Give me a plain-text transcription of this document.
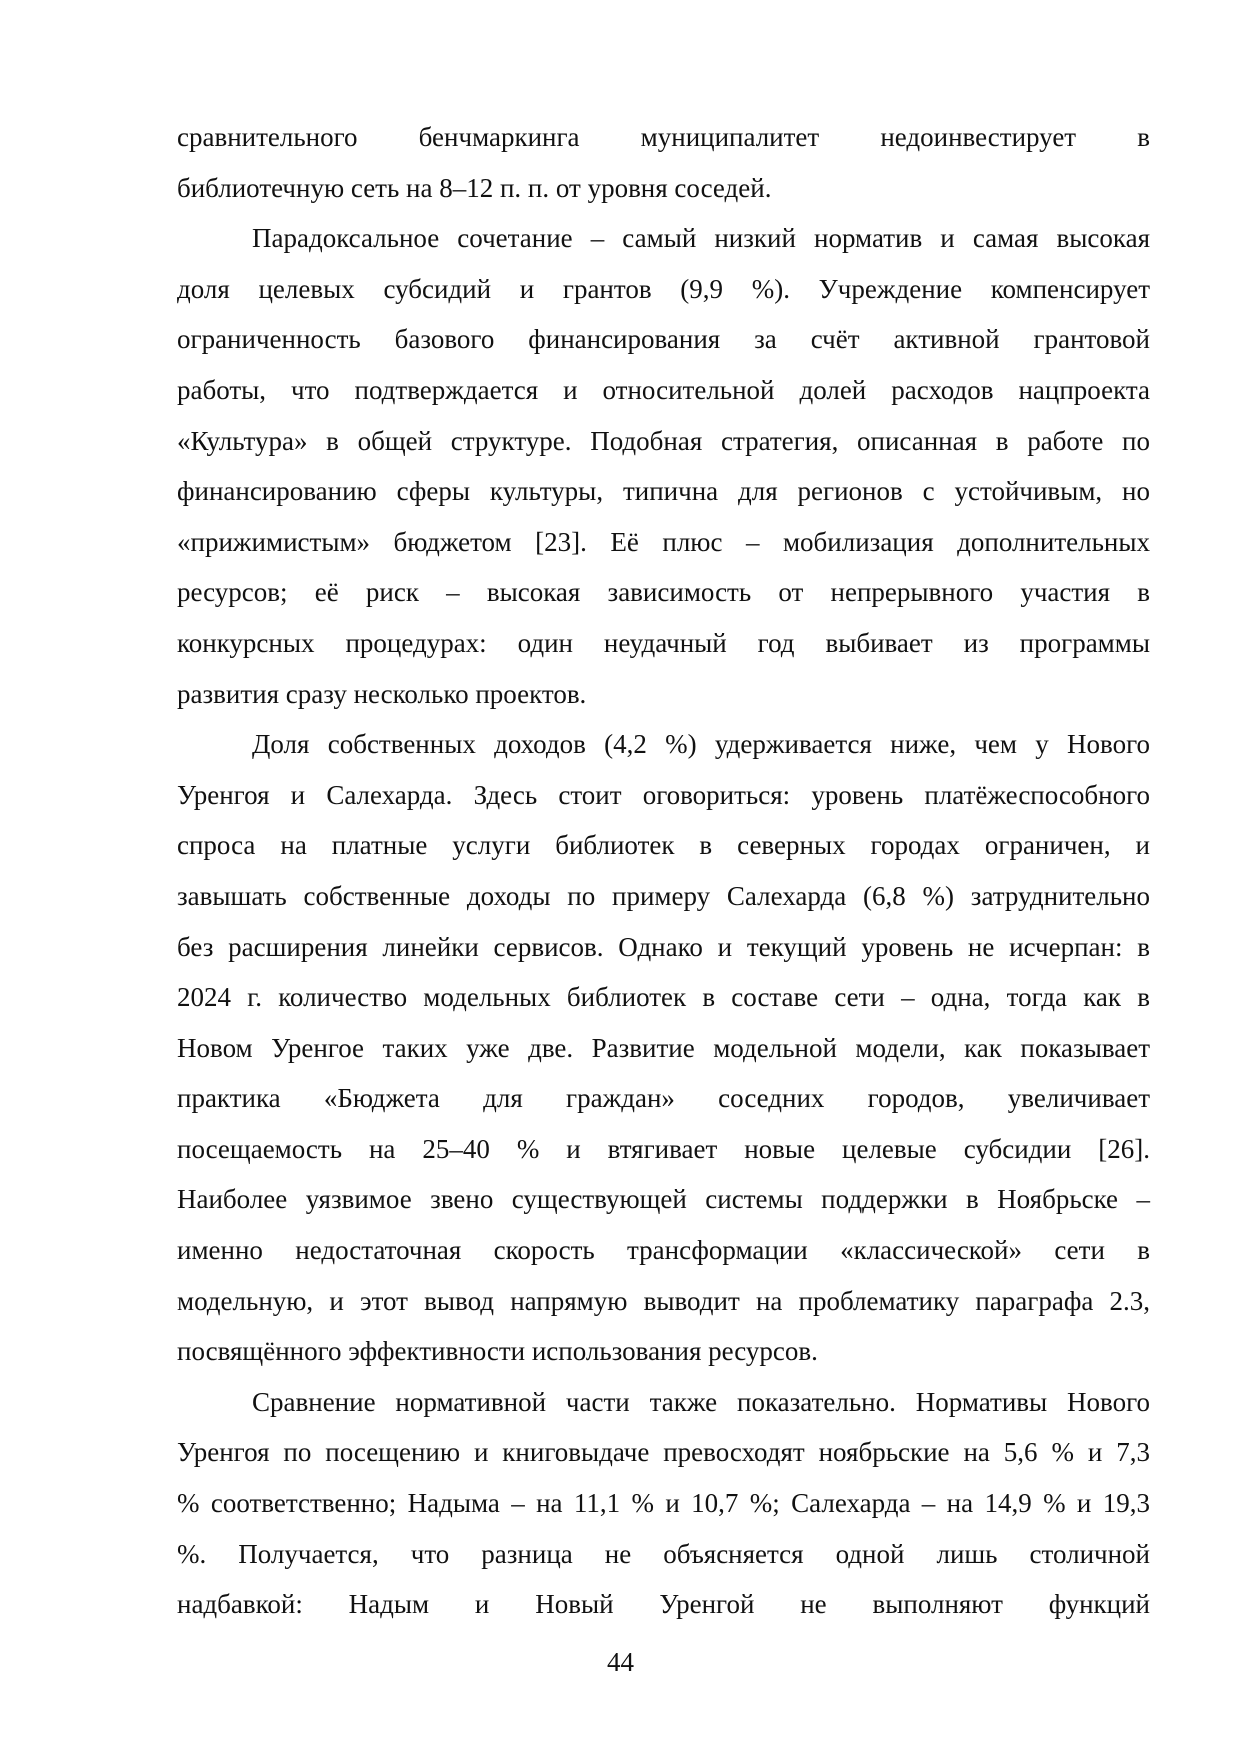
сравнительного бенчмаркинга муниципалитет недоинвестирует в
библиотечную сеть на 8–12 п. п. от уровня соседей.
Парадоксальное сочетание – самый низкий норматив и самая высокая
доля целевых субсидий и грантов (9,9 %). Учреждение компенсирует
ограниченность базового финансирования за счёт активной грантовой
работы, что подтверждается и относительной долей расходов нацпроекта
«Культура» в общей структуре. Подобная стратегия, описанная в работе по
финансированию сферы культуры, типична для регионов с устойчивым, но
«прижимистым» бюджетом [23]. Её плюс – мобилизация дополнительных
ресурсов; её риск – высокая зависимость от непрерывного участия в
конкурсных процедурах: один неудачный год выбивает из программы
развития сразу несколько проектов.
Доля собственных доходов (4,2 %) удерживается ниже, чем у Нового
Уренгоя и Салехарда. Здесь стоит оговориться: уровень платёжеспособного
спроса на платные услуги библиотек в северных городах ограничен, и
завышать собственные доходы по примеру Салехарда (6,8 %) затруднительно
без расширения линейки сервисов. Однако и текущий уровень не исчерпан: в
2024 г. количество модельных библиотек в составе сети – одна, тогда как в
Новом Уренгое таких уже две. Развитие модельной модели, как показывает
практика «Бюджета для граждан» соседних городов, увеличивает
посещаемость на 25–40 % и втягивает новые целевые субсидии [26].
Наиболее уязвимое звено существующей системы поддержки в Ноябрьске –
именно недостаточная скорость трансформации «классической» сети в
модельную, и этот вывод напрямую выводит на проблематику параграфа 2.3,
посвящённого эффективности использования ресурсов.
Сравнение нормативной части также показательно. Нормативы Нового
Уренгоя по посещению и книговыдаче превосходят ноябрьские на 5,6 % и 7,3
% соответственно; Надыма – на 11,1 % и 10,7 %; Салехарда – на 14,9 % и 19,3
%. Получается, что разница не объясняется одной лишь столичной
надбавкой: Надым и Новый Уренгой не выполняют функций
44
